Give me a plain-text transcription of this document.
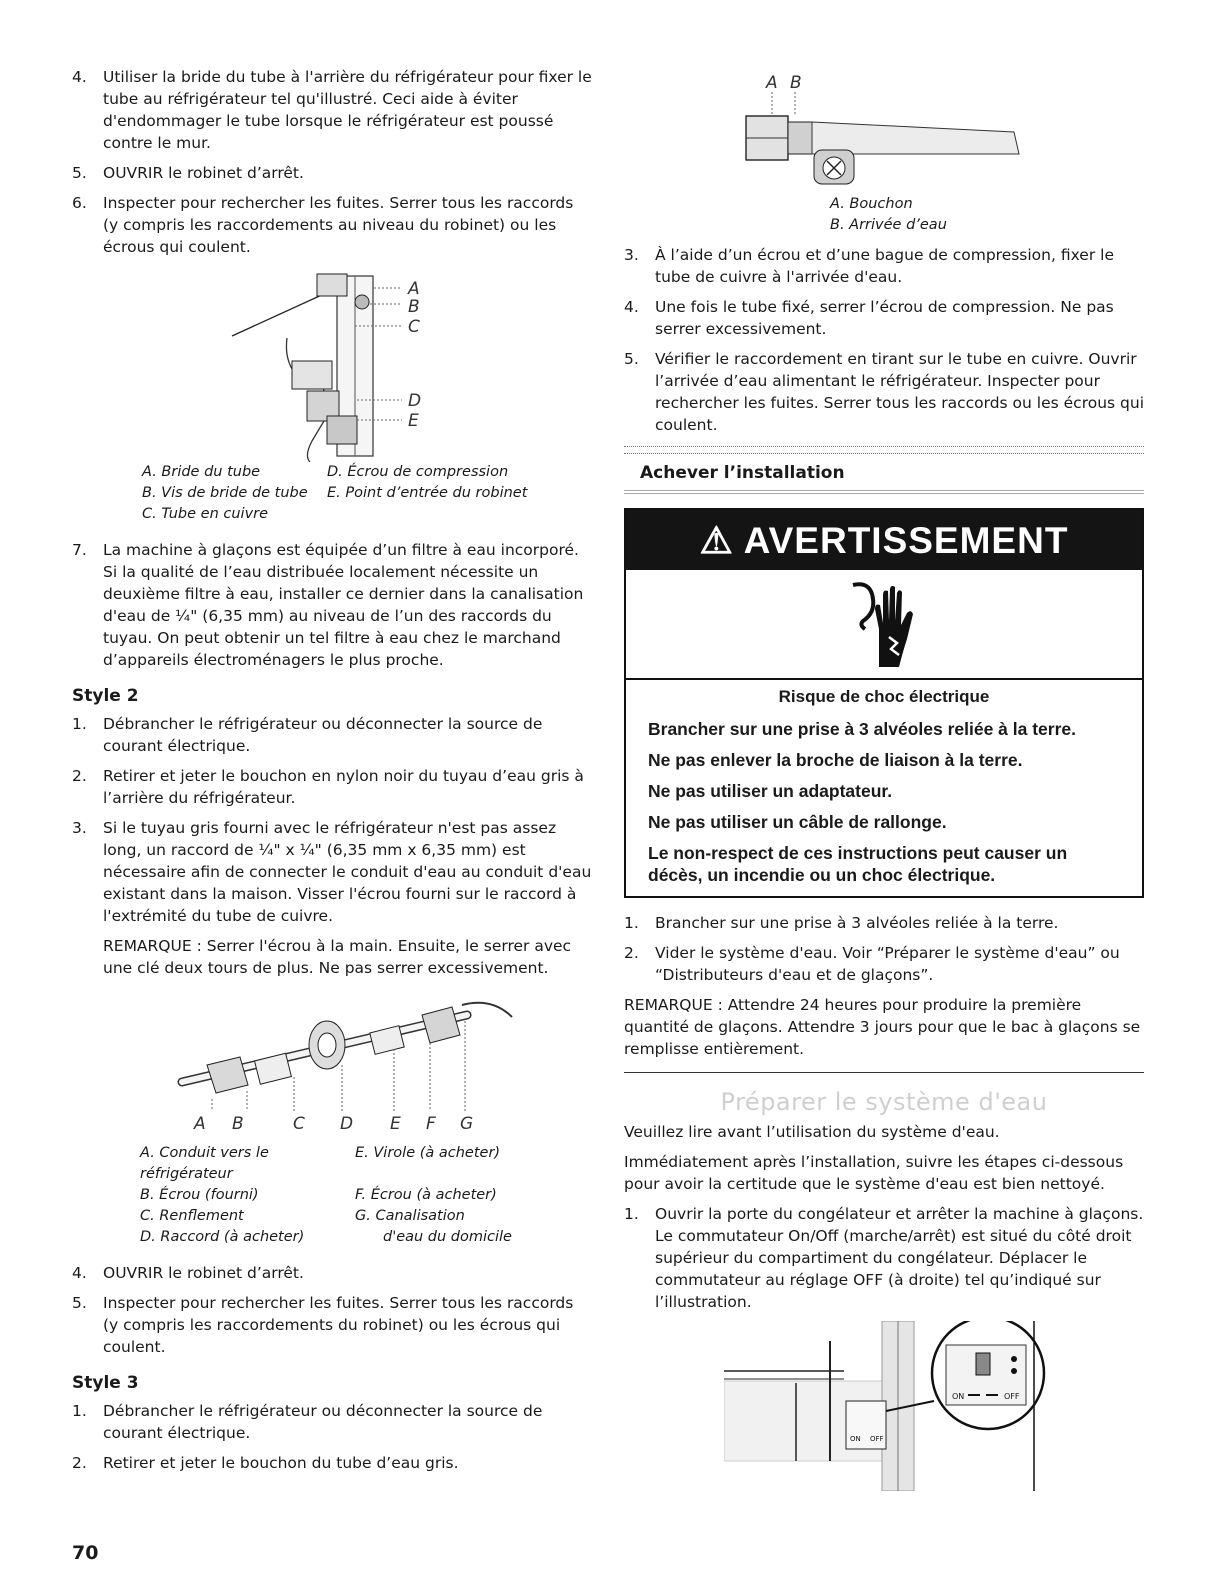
4. Utiliser la bride du tube à l'arrière du réfrigérateur pour fixer le tube au réfrigérateur tel qu'illustré. Ceci aide à éviter d'endommager le tube lorsque le réfrigérateur est poussé contre le mur.
5. OUVRIR le robinet d’arrêt.
6. Inspecter pour rechercher les fuites. Serrer tous les raccords (y compris les raccordements au niveau du robinet) ou les écrous qui coulent.
A
B
C
D
E
A. Bride du tube	D. Écrou de compression
B. Vis de bride de tube	E. Point d’entrée du robinet
C. Tube en cuivre
7. La machine à glaçons est équipée d’un filtre à eau incorporé. Si la qualité de l’eau distribuée localement nécessite un deuxième filtre à eau, installer ce dernier dans la canalisation d'eau de ¼" (6,35 mm) au niveau de l’un des raccords du tuyau. On peut obtenir un tel filtre à eau chez le marchand d’appareils électroménagers le plus proche.
Style 2
1. Débrancher le réfrigérateur ou déconnecter la source de courant électrique.
2. Retirer et jeter le bouchon en nylon noir du tuyau d’eau gris à l’arrière du réfrigérateur.
3. Si le tuyau gris fourni avec le réfrigérateur n'est pas assez long, un raccord de ¼" x ¼" (6,35 mm x 6,35 mm) est nécessaire afin de connecter le conduit d'eau au conduit d'eau existant dans la maison. Visser l'écrou fourni sur le raccord à l'extrémité du tube de cuivre.
REMARQUE : Serrer l'écrou à la main. Ensuite, le serrer avec une clé deux tours de plus. Ne pas serrer excessivement.
A B	C D E F G
A. Conduit vers le réfrigérateur
E. Virole (à acheter)
B. Écrou (fourni)	F. Écrou (à acheter)
C. Renflement	G. Canalisation
D. Raccord (à acheter)	d'eau du domicile
4. OUVRIR le robinet d’arrêt.
5. Inspecter pour rechercher les fuites. Serrer tous les raccords (y compris les raccordements du robinet) ou les écrous qui coulent.
Style 3
1. Débrancher le réfrigérateur ou déconnecter la source de courant électrique.
2. Retirer et jeter le bouchon du tube d’eau gris.
A B
A. Bouchon
B. Arrivée d’eau
3. À l’aide d’un écrou et d’une bague de compression, fixer le tube de cuivre à l'arrivée d'eau.
4. Une fois le tube fixé, serrer l’écrou de compression. Ne pas serrer excessivement.
5. Vérifier le raccordement en tirant sur le tube en cuivre. Ouvrir l’arrivée d’eau alimentant le réfrigérateur. Inspecter pour rechercher les fuites. Serrer tous les raccords ou les écrous qui coulent.
Achever l’installation
⚠ AVERTISSEMENT

Risque de choc électrique

Brancher sur une prise à 3 alvéoles reliée à la terre.

Ne pas enlever la broche de liaison à la terre.

Ne pas utiliser un adaptateur.

Ne pas utiliser un câble de rallonge.

Le non-respect de ces instructions peut causer un décès, un incendie ou un choc électrique.

1. Brancher sur une prise à 3 alvéoles reliée à la terre.
2. Vider le système d'eau. Voir “Préparer le système d'eau” ou “Distributeurs d'eau et de glaçons”.
REMARQUE : Attendre 24 heures pour produire la première quantité de glaçons. Attendre 3 jours pour que le bac à glaçons se remplisse entièrement.
Préparer le système d'eau
Veuillez lire avant l’utilisation du système d'eau.
Immédiatement après l’installation, suivre les étapes ci-dessous pour avoir la certitude que le système d'eau est bien nettoyé.
1. Ouvrir la porte du congélateur et arrêter la machine à glaçons. Le commutateur On/Off (marche/arrêt) est situé du côté droit supérieur du compartiment du congélateur. Déplacer le commutateur au réglage OFF (à droite) tel qu’indiqué sur l’illustration.
ON OFF
ON	OFF
70
